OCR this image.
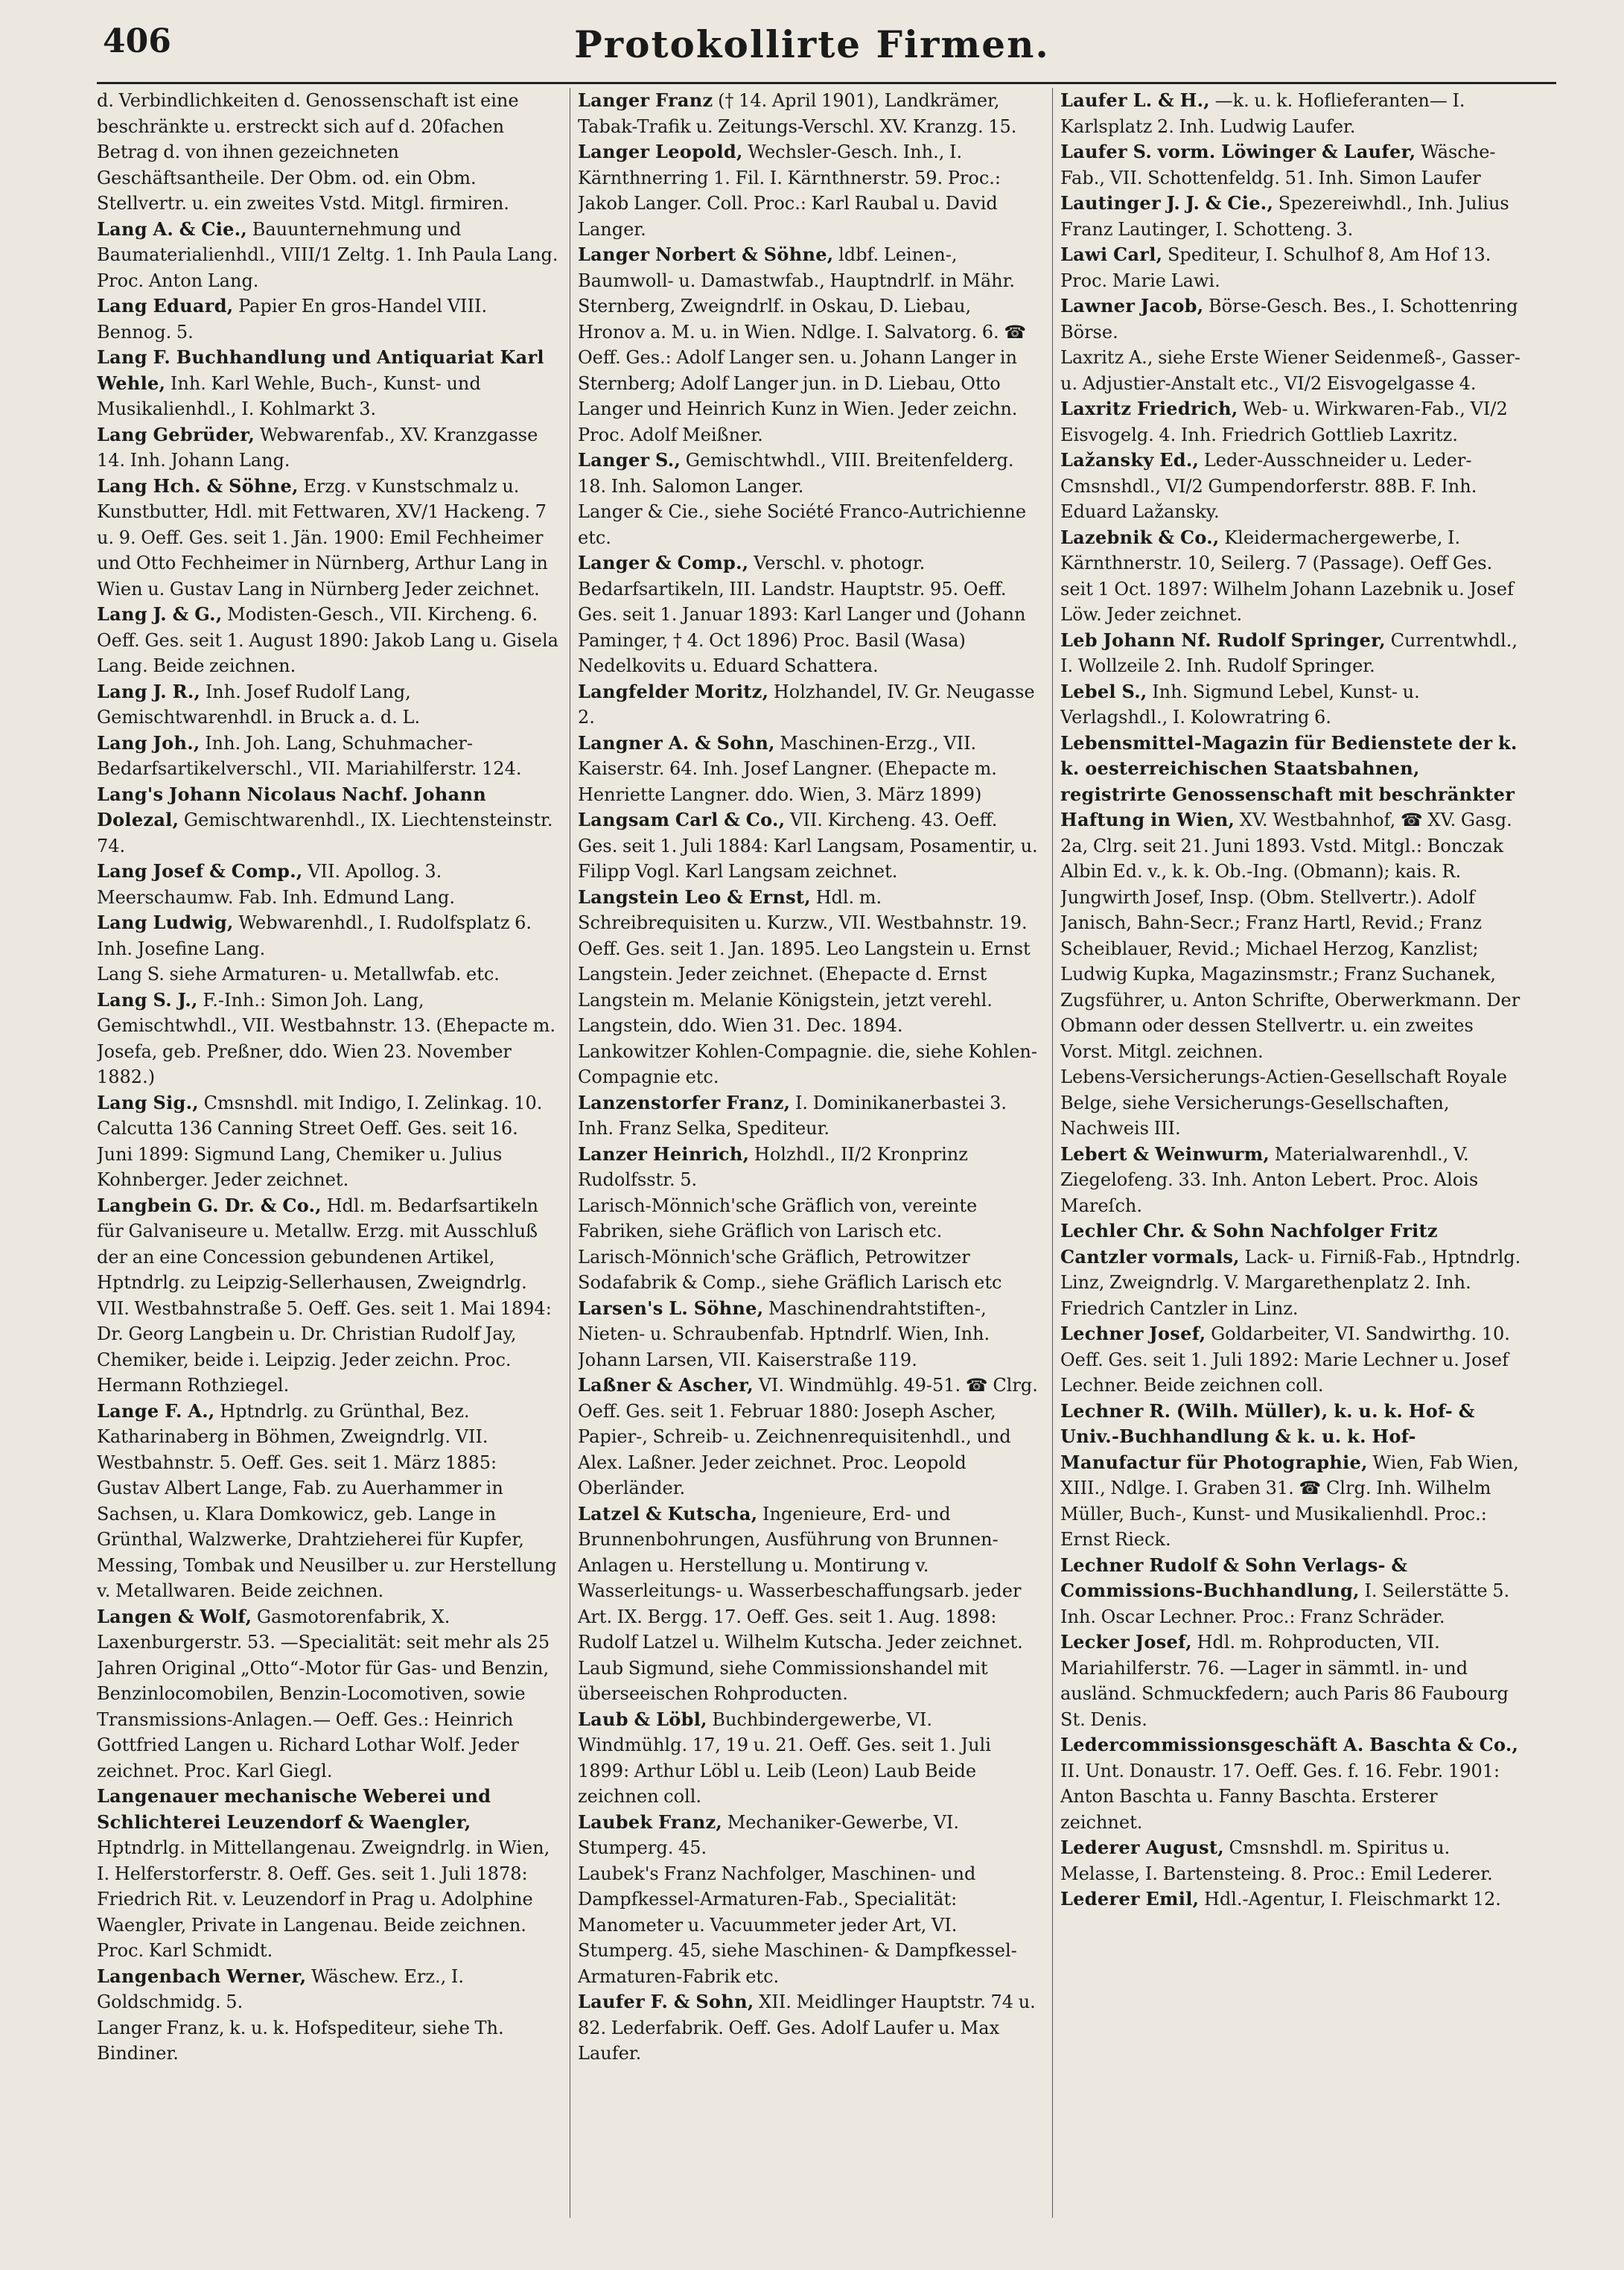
406	Protokollirte Firmen.

d. Verbindlichkeiten d. Genossenschaft ist eine beschränkte u. erstreckt sich auf d. 20fachen Betrag d. von ihnen gezeichneten Geschäftsantheile. Der Obm. od. ein Obm. Stellvertr. u. ein zweites Vstd. Mitgl. firmiren.

Lang A. & Cie., Bauunternehmung und Baumaterialienhdl., VIII/1 Zeltg. 1. Inh Paula Lang. Proc. Anton Lang.

Lang Eduard, Papier En gros-Handel VIII. Bennog. 5.

Lang F. Buchhandlung und Antiquariat Karl Wehle, Inh. Karl Wehle, Buch-, Kunst- und Musikalienhdl., I. Kohlmarkt 3.

Lang Gebrüder, Webwarenfab., XV. Kranzgasse 14. Inh. Johann Lang.

Lang Hch. & Söhne, Erzg. v Kunstschmalz u. Kunstbutter, Hdl. mit Fettwaren, XV/1 Hackeng. 7 u. 9. Oeff. Ges. seit 1. Jän. 1900: Emil Fechheimer und Otto Fechheimer in Nürnberg, Arthur Lang in Wien u. Gustav Lang in Nürnberg Jeder zeichnet.

Lang J. & G., Modisten-Gesch., VII. Kircheng. 6. Oeff. Ges. seit 1. August 1890: Jakob Lang u. Gisela Lang. Beide zeichnen.

Lang J. R., Inh. Josef Rudolf Lang, Gemischtwarenhdl. in Bruck a. d. L.

Lang Joh., Inh. Joh. Lang, Schuhmacher-Bedarfsartikelverschl., VII. Mariahilferstr. 124.

Lang's Johann Nicolaus Nachf. Johann Dolezal, Gemischtwarenhdl., IX. Liechtensteinstr. 74.

Lang Josef & Comp., VII. Apollog. 3. Meerschaumw. Fab. Inh. Edmund Lang.

Lang Ludwig, Webwarenhdl., I. Rudolfsplatz 6. Inh. Josefine Lang.

Lang S. siehe Armaturen- u. Metallwfab. etc.

Lang S. J., F.-Inh.: Simon Joh. Lang, Gemischtwhdl., VII. Westbahnstr. 13. (Ehepacte m. Josefa, geb. Preßner, ddo. Wien 23. November 1882.)

Lang Sig., Cmsnshdl. mit Indigo, I. Zelinkag. 10. Calcutta 136 Canning Street Oeff. Ges. seit 16. Juni 1899: Sigmund Lang, Chemiker u. Julius Kohnberger. Jeder zeichnet.

Langbein G. Dr. & Co., Hdl. m. Bedarfsartikeln für Galvaniseure u. Metallw. Erzg. mit Ausschluß der an eine Concession gebundenen Artikel, Hptndrlg. zu Leipzig-Sellerhausen, Zweigndrlg. VII. Westbahnstraße 5. Oeff. Ges. seit 1. Mai 1894: Dr. Georg Langbein u. Dr. Christian Rudolf Jay, Chemiker, beide i. Leipzig. Jeder zeichn. Proc. Hermann Rothziegel.

Lange F. A., Hptndrlg. zu Grünthal, Bez. Katharinaberg in Böhmen, Zweigndrlg. VII. Westbahnstr. 5. Oeff. Ges. seit 1. März 1885: Gustav Albert Lange, Fab. zu Auerhammer in Sachsen, u. Klara Domkowicz, geb. Lange in Grünthal, Walzwerke, Drahtzieherei für Kupfer, Messing, Tombak und Neusilber u. zur Herstellung v. Metallwaren. Beide zeichnen.

Langen & Wolf, Gasmotorenfabrik, X. Laxenburgerstr. 53. —Specialität: seit mehr als 25 Jahren Original „Otto“-Motor für Gas- und Benzin, Benzinlocomobilen, Benzin-Locomotiven, sowie Transmissions-Anlagen.— Oeff. Ges.: Heinrich Gottfried Langen u. Richard Lothar Wolf. Jeder zeichnet. Proc. Karl Giegl.

Langenauer mechanische Weberei und Schlichterei Leuzendorf & Waengler, Hptndrlg. in Mittellangenau. Zweigndrlg. in Wien, I. Helferstorferstr. 8. Oeff. Ges. seit 1. Juli 1878: Friedrich Rit. v. Leuzendorf in Prag u. Adolphine Waengler, Private in Langenau. Beide zeichnen. Proc. Karl Schmidt.

Langenbach Werner, Wäschew. Erz., I. Goldschmidg. 5.

Langer Franz, k. u. k. Hofspediteur, siehe Th. Bindiner.

Langer Franz († 14. April 1901), Landkrämer, Tabak-Trafik u. Zeitungs-Verschl. XV. Kranzg. 15.

Langer Leopold, Wechsler-Gesch. Inh., I. Kärnthnerring 1. Fil. I. Kärnthnerstr. 59. Proc.: Jakob Langer. Coll. Proc.: Karl Raubal u. David Langer.

Langer Norbert & Söhne, ldbf. Leinen-, Baumwoll- u. Damastwfab., Hauptndrlf. in Mähr. Sternberg, Zweigndrlf. in Oskau, D. Liebau, Hronov a. M. u. in Wien. Ndlge. I. Salvatorg. 6. ☎ Oeff. Ges.: Adolf Langer sen. u. Johann Langer in Sternberg; Adolf Langer jun. in D. Liebau, Otto Langer und Heinrich Kunz in Wien. Jeder zeichn. Proc. Adolf Meißner.

Langer S., Gemischtwhdl., VIII. Breitenfelderg. 18. Inh. Salomon Langer.

Langer & Cie., siehe Société Franco-Autrichienne etc.

Langer & Comp., Verschl. v. photogr. Bedarfsartikeln, III. Landstr. Hauptstr. 95. Oeff. Ges. seit 1. Januar 1893: Karl Langer und (Johann Paminger, † 4. Oct 1896) Proc. Basil (Wasa) Nedelkovits u. Eduard Schattera.

Langfelder Moritz, Holzhandel, IV. Gr. Neugasse 2.

Langner A. & Sohn, Maschinen-Erzg., VII. Kaiserstr. 64. Inh. Josef Langner. (Ehepacte m. Henriette Langner. ddo. Wien, 3. März 1899)

Langsam Carl & Co., VII. Kircheng. 43. Oeff. Ges. seit 1. Juli 1884: Karl Langsam, Posamentir, u. Filipp Vogl. Karl Langsam zeichnet.

Langstein Leo & Ernst, Hdl. m. Schreibrequisiten u. Kurzw., VII. Westbahnstr. 19. Oeff. Ges. seit 1. Jan. 1895. Leo Langstein u. Ernst Langstein. Jeder zeichnet. (Ehepacte d. Ernst Langstein m. Melanie Königstein, jetzt verehl. Langstein, ddo. Wien 31. Dec. 1894.

Lankowitzer Kohlen-Compagnie. die, siehe Kohlen-Compagnie etc.

Lanzenstorfer Franz, I. Dominikanerbastei 3. Inh. Franz Selka, Spediteur.

Lanzer Heinrich, Holzhdl., II/2 Kronprinz Rudolfsstr. 5.

Larisch-Mönnich'sche Gräflich von, vereinte Fabriken, siehe Gräflich von Larisch etc.

Larisch-Mönnich'sche Gräflich, Petrowitzer Sodafabrik & Comp., siehe Gräflich Larisch etc

Larsen's L. Söhne, Maschinendrahtstiften-, Nieten- u. Schraubenfab. Hptndrlf. Wien, Inh. Johann Larsen, VII. Kaiserstraße 119.

Laßner & Ascher, VI. Windmühlg. 49-51. ☎ Clrg. Oeff. Ges. seit 1. Februar 1880: Joseph Ascher, Papier-, Schreib- u. Zeichnenrequisitenhdl., und Alex. Laßner. Jeder zeichnet. Proc. Leopold Oberländer.

Latzel & Kutscha, Ingenieure, Erd- und Brunnenbohrungen, Ausführung von Brunnen-Anlagen u. Herstellung u. Montirung v. Wasserleitungs- u. Wasserbeschaffungsarb. jeder Art. IX. Bergg. 17. Oeff. Ges. seit 1. Aug. 1898: Rudolf Latzel u. Wilhelm Kutscha. Jeder zeichnet.

Laub Sigmund, siehe Commissionshandel mit überseeischen Rohproducten.

Laub & Löbl, Buchbindergewerbe, VI. Windmühlg. 17, 19 u. 21. Oeff. Ges. seit 1. Juli 1899: Arthur Löbl u. Leib (Leon) Laub Beide zeichnen coll.

Laubek Franz, Mechaniker-Gewerbe, VI. Stumperg. 45.

Laubek's Franz Nachfolger, Maschinen- und Dampfkessel-Armaturen-Fab., Specialität: Manometer u. Vacuummeter jeder Art, VI. Stumperg. 45, siehe Maschinen- & Dampfkessel-Armaturen-Fabrik etc.

Laufer F. & Sohn, XII. Meidlinger Hauptstr. 74 u. 82. Lederfabrik. Oeff. Ges. Adolf Laufer u. Max Laufer.

Laufer L. & H., —k. u. k. Hoflieferanten— I. Karlsplatz 2. Inh. Ludwig Laufer.

Laufer S. vorm. Löwinger & Laufer, Wäsche-Fab., VII. Schottenfeldg. 51. Inh. Simon Laufer

Lautinger J. J. & Cie., Spezereiwhdl., Inh. Julius Franz Lautinger, I. Schotteng. 3.

Lawi Carl, Spediteur, I. Schulhof 8, Am Hof 13. Proc. Marie Lawi.

Lawner Jacob, Börse-Gesch. Bes., I. Schottenring Börse.

Laxritz A., siehe Erste Wiener Seidenmeß-, Gasser- u. Adjustier-Anstalt etc., VI/2 Eisvogelgasse 4.

Laxritz Friedrich, Web- u. Wirkwaren-Fab., VI/2 Eisvogelg. 4. Inh. Friedrich Gottlieb Laxritz.

Lažansky Ed., Leder-Ausschneider u. Leder-Cmsnshdl., VI/2 Gumpendorferstr. 88B. F. Inh. Eduard Lažansky.

Lazebnik & Co., Kleidermachergewerbe, I. Kärnthnerstr. 10, Seilerg. 7 (Passage). Oeff Ges. seit 1 Oct. 1897: Wilhelm Johann Lazebnik u. Josef Löw. Jeder zeichnet.

Leb Johann Nf. Rudolf Springer, Currentwhdl., I. Wollzeile 2. Inh. Rudolf Springer.

Lebel S., Inh. Sigmund Lebel, Kunst- u. Verlagshdl., I. Kolowratring 6.

Lebensmittel-Magazin für Bedienstete der k. k. oesterreichischen Staatsbahnen, registrirte Genossenschaft mit beschränkter Haftung in Wien, XV. Westbahnhof, ☎ XV. Gasg. 2a, Clrg. seit 21. Juni 1893. Vstd. Mitgl.: Bonczak Albin Ed. v., k. k. Ob.-Ing. (Obmann); kais. R. Jungwirth Josef, Insp. (Obm. Stellvertr.). Adolf Janisch, Bahn-Secr.; Franz Hartl, Revid.; Franz Scheiblauer, Revid.; Michael Herzog, Kanzlist; Ludwig Kupka, Magazinsmstr.; Franz Suchanek, Zugsführer, u. Anton Schrifte, Oberwerkmann. Der Obmann oder dessen Stellvertr. u. ein zweites Vorst. Mitgl. zeichnen.

Lebens-Versicherungs-Actien-Gesellschaft Royale Belge, siehe Versicherungs-Gesellschaften, Nachweis III.

Lebert & Weinwurm, Materialwarenhdl., V. Ziegelofeng. 33. Inh. Anton Lebert. Proc. Alois Mareſch.

Lechler Chr. & Sohn Nachfolger Fritz Cantzler vormals, Lack- u. Firniß-Fab., Hptndrlg. Linz, Zweigndrlg. V. Margarethenplatz 2. Inh. Friedrich Cantzler in Linz.

Lechner Josef, Goldarbeiter, VI. Sandwirthg. 10. Oeff. Ges. seit 1. Juli 1892: Marie Lechner u. Josef Lechner. Beide zeichnen coll.

Lechner R. (Wilh. Müller), k. u. k. Hof- & Univ.-Buchhandlung & k. u. k. Hof-Manufactur für Photographie, Wien, Fab Wien, XIII., Ndlge. I. Graben 31. ☎ Clrg. Inh. Wilhelm Müller, Buch-, Kunst- und Musikalienhdl. Proc.: Ernst Rieck.

Lechner Rudolf & Sohn Verlags- & Commissions-Buchhandlung, I. Seilerstätte 5. Inh. Oscar Lechner. Proc.: Franz Schräder.

Lecker Josef, Hdl. m. Rohproducten, VII. Mariahilferstr. 76. —Lager in sämmtl. in- und ausländ. Schmuckfedern; auch Paris 86 Faubourg St. Denis.

Ledercommissionsgeschäft A. Baschta & Co., II. Unt. Donaustr. 17. Oeff. Ges. f. 16. Febr. 1901: Anton Baschta u. Fanny Baschta. Ersterer zeichnet.

Lederer August, Cmsnshdl. m. Spiritus u. Melasse, I. Bartensteing. 8. Proc.: Emil Lederer.

Lederer Emil, Hdl.-Agentur, I. Fleischmarkt 12.
